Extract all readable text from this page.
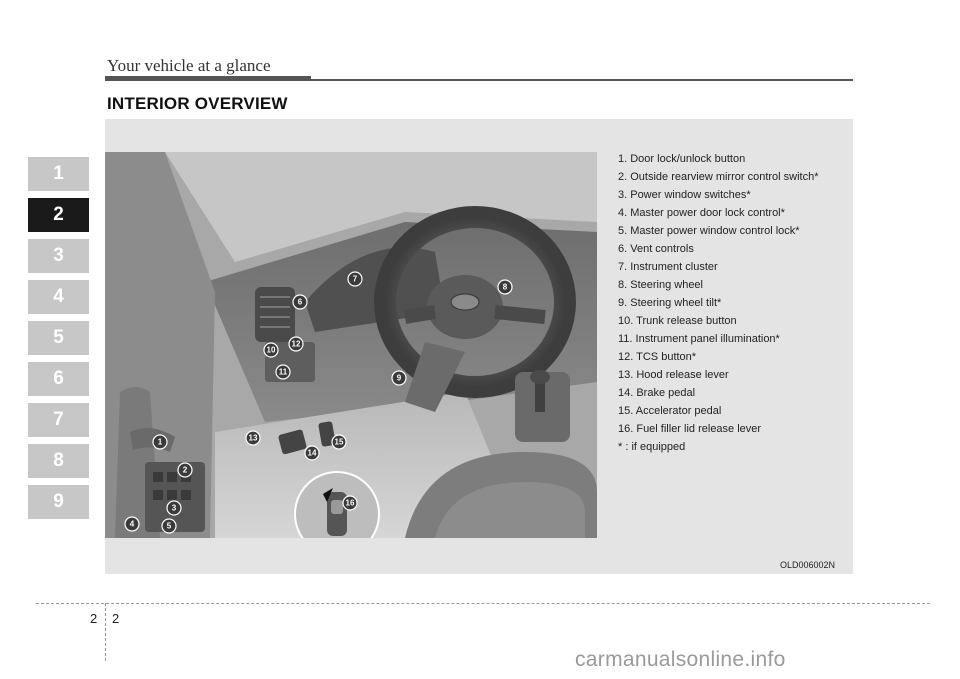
Your vehicle at a glance
INTERIOR OVERVIEW
1
2
3
4
5
6
7
8
9
1
2
3
4	5
6
7
8
9
10
11
12
13
14
15
16
1. Door lock/unlock button
2. Outside rearview mirror control switch*
3. Power window switches*
4. Master power door lock control*
5. Master power window control lock*
6. Vent controls
7. Instrument cluster
8. Steering wheel
9. Steering wheel tilt*
10. Trunk release button
11. Instrument panel illumination*
12. TCS button*
13. Hood release lever
14. Brake pedal
15. Accelerator pedal
16. Fuel filler lid release lever
* : if equipped
OLD006002N
2 2
carmanualsonline.info
